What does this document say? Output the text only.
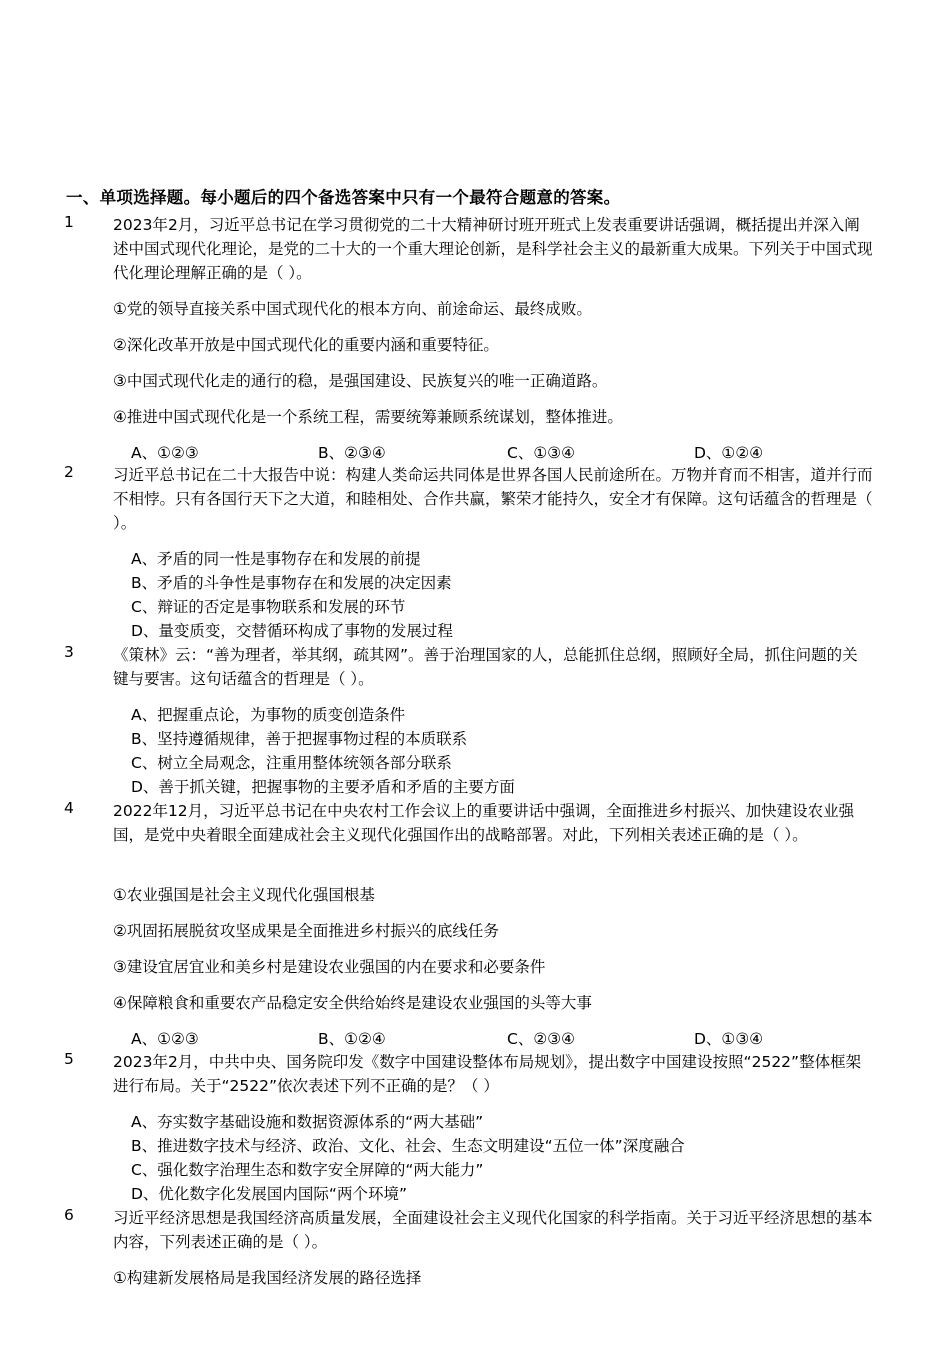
一、单项选择题。每小题后的四个备选答案中只有一个最符合题意的答案。
1	2023年2月，习近平总书记在学习贯彻党的二十大精神研讨班开班式上发表重要讲话强调，概括提出并深入阐述中国式现代化理论，是党的二十大的一个重大理论创新，是科学社会主义的最新重大成果。下列关于中国式现代化理论理解正确的是（ ）。

①党的领导直接关系中国式现代化的根本方向、前途命运、最终成败。
②深化改革开放是中国式现代化的重要内涵和重要特征。
③中国式现代化走的通行的稳，是强国建设、民族复兴的唯一正确道路。
④推进中国式现代化是一个系统工程，需要统筹兼顾系统谋划，整体推进。
A、①②③	B、②③④	C、①③④	D、①②④
2	习近平总书记在二十大报告中说：构建人类命运共同体是世界各国人民前途所在。万物并育而不相害，道并行而不相悖。只有各国行天下之大道，和睦相处、合作共赢，繁荣才能持久，安全才有保障。这句话蕴含的哲理是（ ）。

A、矛盾的同一性是事物存在和发展的前提
B、矛盾的斗争性是事物存在和发展的决定因素
C、辩证的否定是事物联系和发展的环节
D、量变质变，交替循环构成了事物的发展过程
3	《策林》云：“善为理者，举其纲，疏其网”。善于治理国家的人，总能抓住总纲，照顾好全局，抓住问题的关键与要害。这句话蕴含的哲理是（ ）。

A、把握重点论，为事物的质变创造条件
B、坚持遵循规律，善于把握事物过程的本质联系
C、树立全局观念，注重用整体统领各部分联系
D、善于抓关键，把握事物的主要矛盾和矛盾的主要方面
4	2022年12月，习近平总书记在中央农村工作会议上的重要讲话中强调，全面推进乡村振兴、加快建设农业强国，是党中央着眼全面建成社会主义现代化强国作出的战略部署。对此，下列相关表述正确的是（ ）。

①农业强国是社会主义现代化强国根基
②巩固拓展脱贫攻坚成果是全面推进乡村振兴的底线任务
③建设宜居宜业和美乡村是建设农业强国的内在要求和必要条件
④保障粮食和重要农产品稳定安全供给始终是建设农业强国的头等大事
A、①②③	B、①②④	C、②③④	D、①③④
5	2023年2月，中共中央、国务院印发《数字中国建设整体布局规划》，提出数字中国建设按照“2522”整体框架进行布局。关于“2522”依次表述下列不正确的是？（ ）

A、夯实数字基础设施和数据资源体系的“两大基础”
B、推进数字技术与经济、政治、文化、社会、生态文明建设“五位一体”深度融合
C、强化数字治理生态和数字安全屏障的“两大能力”
D、优化数字化发展国内国际“两个环境”
6	习近平经济思想是我国经济高质量发展，全面建设社会主义现代化国家的科学指南。关于习近平经济思想的基本内容，下列表述正确的是（ ）。

①构建新发展格局是我国经济发展的路径选择
